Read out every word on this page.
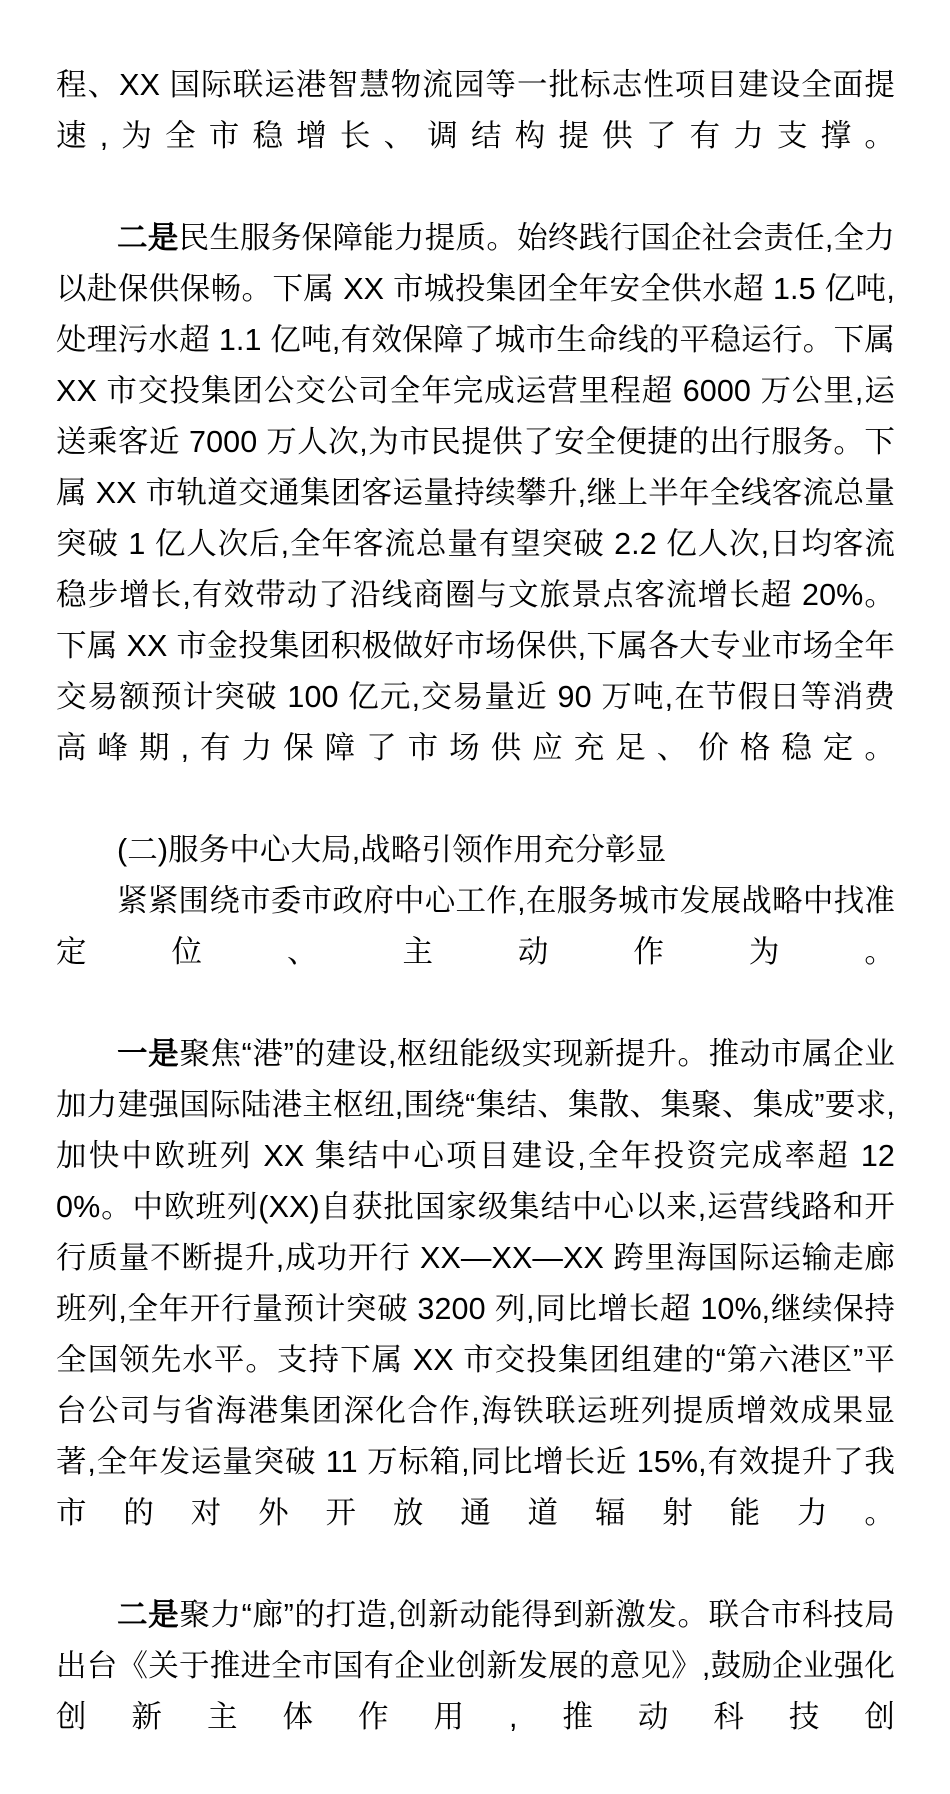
程、XX 国际联运港智慧物流园等一批标志性项目建设全面提速,为全市稳增长、调结构提供了有力支撑。

二是民生服务保障能力提质。始终践行国企社会责任,全力以赴保供保畅。下属 XX 市城投集团全年安全供水超 1.5 亿吨,处理污水超 1.1 亿吨,有效保障了城市生命线的平稳运行。下属 XX 市交投集团公交公司全年完成运营里程超 6000 万公里,运送乘客近 7000 万人次,为市民提供了安全便捷的出行服务。下属 XX 市轨道交通集团客运量持续攀升,继上半年全线客流总量突破 1 亿人次后,全年客流总量有望突破 2.2 亿人次,日均客流稳步增长,有效带动了沿线商圈与文旅景点客流增长超 20%。下属 XX 市金投集团积极做好市场保供,下属各大专业市场全年交易额预计突破 100 亿元,交易量近 90 万吨,在节假日等消费高峰期,有力保障了市场供应充足、价格稳定。

(二)服务中心大局,战略引领作用充分彰显

紧紧围绕市委市政府中心工作,在服务城市发展战略中找准定位、主动作为。

一是聚焦“港”的建设,枢纽能级实现新提升。推动市属企业加力建强国际陆港主枢纽,围绕“集结、集散、集聚、集成”要求,加快中欧班列 XX 集结中心项目建设,全年投资完成率超 120%。中欧班列(XX)自获批国家级集结中心以来,运营线路和开行质量不断提升,成功开行 XX—XX—XX 跨里海国际运输走廊班列,全年开行量预计突破 3200 列,同比增长超 10%,继续保持全国领先水平。支持下属 XX 市交投集团组建的“第六港区”平台公司与省海港集团深化合作,海铁联运班列提质增效成果显著,全年发运量突破 11 万标箱,同比增长近 15%,有效提升了我市的对外开放通道辐射能力。

二是聚力“廊”的打造,创新动能得到新激发。联合市科技局出台《关于推进全市国有企业创新发展的意见》,鼓励企业强化创新主体作用,推动科技创
